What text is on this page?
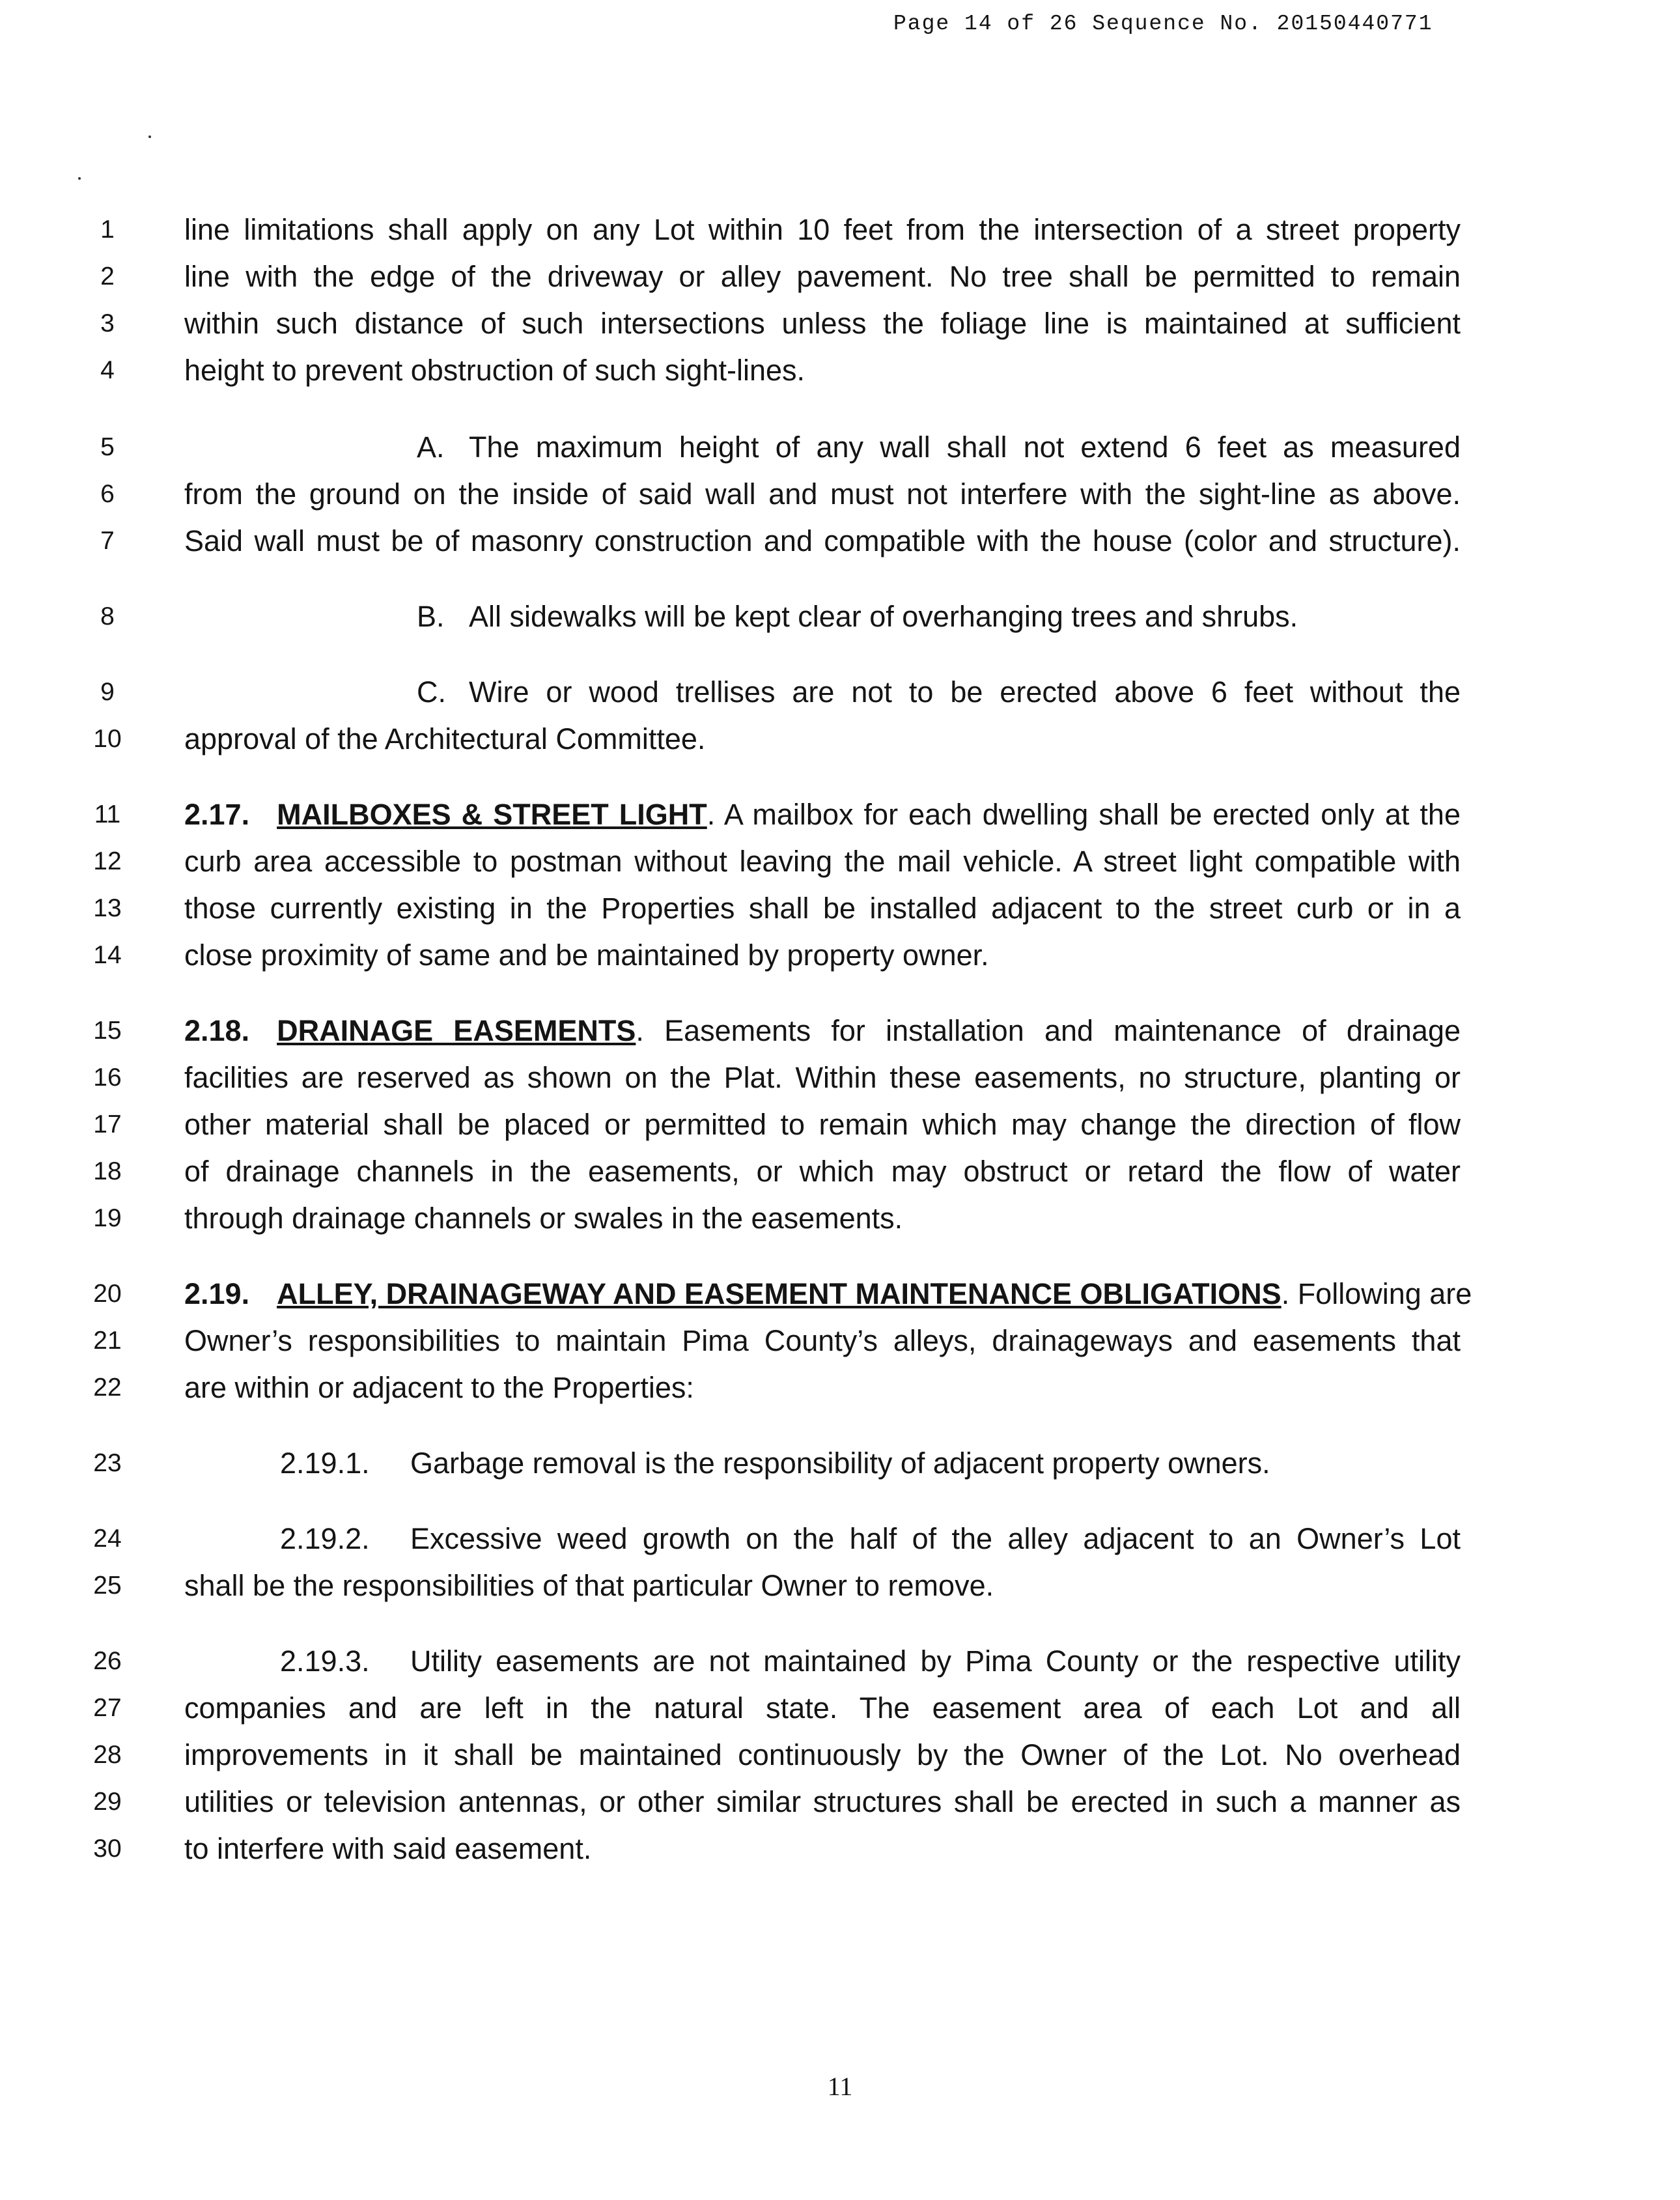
Page 14 of 26 Sequence No. 20150440771
1	line limitations shall apply on any Lot within 10 feet from the intersection of a street property
2	line with the edge of the driveway or alley pavement. No tree shall be permitted to remain
3	within such distance of such intersections unless the foliage line is maintained at sufficient
4	height to prevent obstruction of such sight-lines.
5	A. The maximum height of any wall shall not extend 6 feet as measured
6	from the ground on the inside of said wall and must not interfere with the sight-line as above.
7	Said wall must be of masonry construction and compatible with the house (color and structure).
8	B. All sidewalks will be kept clear of overhanging trees and shrubs.
9	C. Wire or wood trellises are not to be erected above 6 feet without the
10	approval of the Architectural Committee.
11	2.17. MAILBOXES & STREET LIGHT. A mailbox for each dwelling shall be erected only at the
12	curb area accessible to postman without leaving the mail vehicle. A street light compatible with
13	those currently existing in the Properties shall be installed adjacent to the street curb or in a
14	close proximity of same and be maintained by property owner.
15	2.18. DRAINAGE EASEMENTS. Easements for installation and maintenance of drainage
16	facilities are reserved as shown on the Plat. Within these easements, no structure, planting or
17	other material shall be placed or permitted to remain which may change the direction of flow
18	of drainage channels in the easements, or which may obstruct or retard the flow of water
19	through drainage channels or swales in the easements.
20	2.19. ALLEY, DRAINAGEWAY AND EASEMENT MAINTENANCE OBLIGATIONS. Following are
21	Owner’s responsibilities to maintain Pima County’s alleys, drainageways and easements that
22	are within or adjacent to the Properties:
23	2.19.1. Garbage removal is the responsibility of adjacent property owners.
24	2.19.2. Excessive weed growth on the half of the alley adjacent to an Owner’s Lot
25	shall be the responsibilities of that particular Owner to remove.
26	2.19.3. Utility easements are not maintained by Pima County or the respective utility
27	companies and are left in the natural state. The easement area of each Lot and all
28	improvements in it shall be maintained continuously by the Owner of the Lot. No overhead
29	utilities or television antennas, or other similar structures shall be erected in such a manner as
30	to interfere with said easement.
11
